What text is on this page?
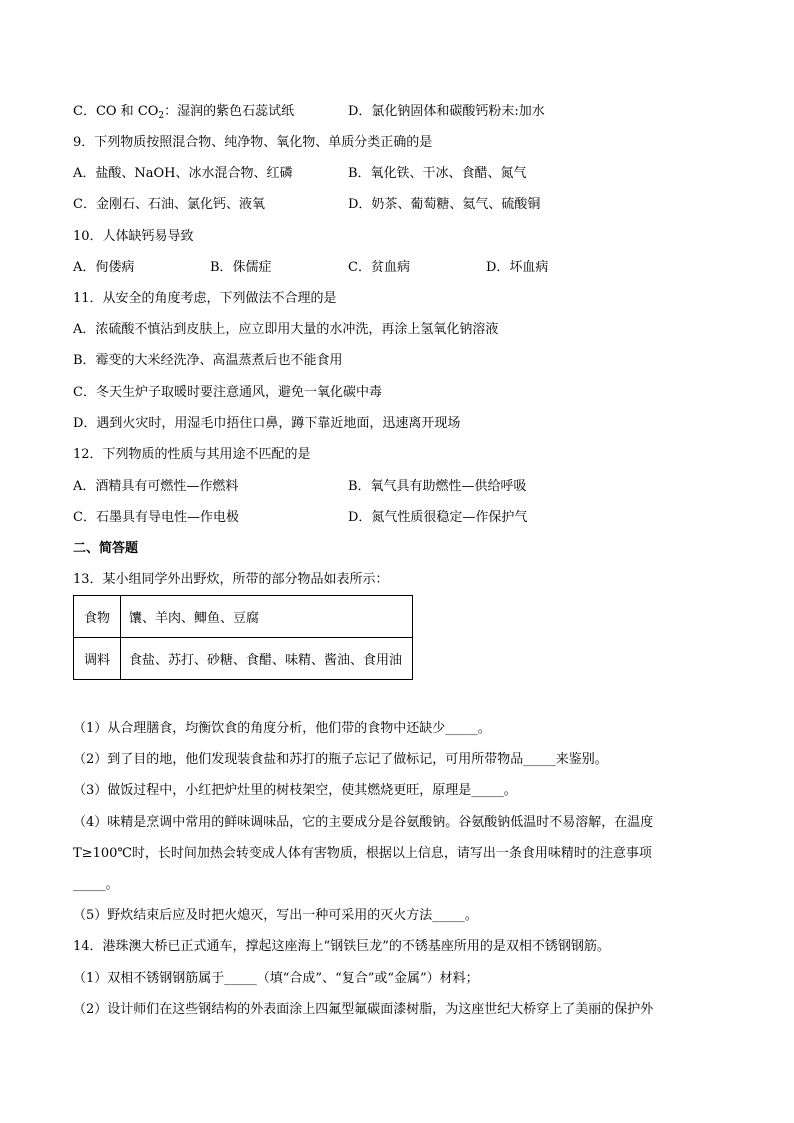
C．CO 和 $CO_2$：湿润的紫色石蕊试纸	D．氯化钠固体和碳酸钙粉末:加水
9．下列物质按照混合物、纯净物、氧化物、单质分类正确的是
A．盐酸、NaOH、冰水混合物、红磷	B．氧化铁、干冰、食醋、氮气
C．金刚石、石油、氯化钙、液氧	D．奶茶、葡萄糖、氦气、硫酸铜
10．人体缺钙易导致
A．佝偻病	B．侏儒症	C．贫血病	D．坏血病
11．从安全的角度考虑，下列做法不合理的是
A．浓硫酸不慎沾到皮肤上，应立即用大量的水冲洗，再涂上氢氧化钠溶液
B．霉变的大米经洗净、高温蒸煮后也不能食用
C．冬天生炉子取暖时要注意通风，避免一氧化碳中毒
D．遇到火灾时，用湿毛巾捂住口鼻，蹲下靠近地面，迅速离开现场
12．下列物质的性质与其用途不匹配的是
A．酒精具有可燃性—作燃料	B．氧气具有助燃性—供给呼吸
C．石墨具有导电性—作电极	D．氮气性质很稳定—作保护气
二、简答题
13．某小组同学外出野炊，所带的部分物品如表所示：
食物	馕、羊肉、鲫鱼、豆腐
调料	食盐、苏打、砂糖、食醋、味精、酱油、食用油
（1）从合理膳食，均衡饮食的角度分析，他们带的食物中还缺少_____。
（2）到了目的地，他们发现装食盐和苏打的瓶子忘记了做标记，可用所带物品_____来鉴别。
（3）做饭过程中，小红把炉灶里的树枝架空，使其燃烧更旺，原理是_____。
（4）味精是烹调中常用的鲜味调味品，它的主要成分是谷氨酸钠。谷氨酸钠低温时不易溶解，在温度
T≥100℃时，长时间加热会转变成人体有害物质，根据以上信息，请写出一条食用味精时的注意事项
_____。
（5）野炊结束后应及时把火熄灭，写出一种可采用的灭火方法_____。
14．港珠澳大桥已正式通车，撑起这座海上“钢铁巨龙”的不锈基座所用的是双相不锈钢钢筋。
（1）双相不锈钢钢筋属于_____（填“合成”、“复合”或“金属”）材料；
（2）设计师们在这些钢结构的外表面涂上四氟型氟碳面漆树脂，为这座世纪大桥穿上了美丽的保护外
